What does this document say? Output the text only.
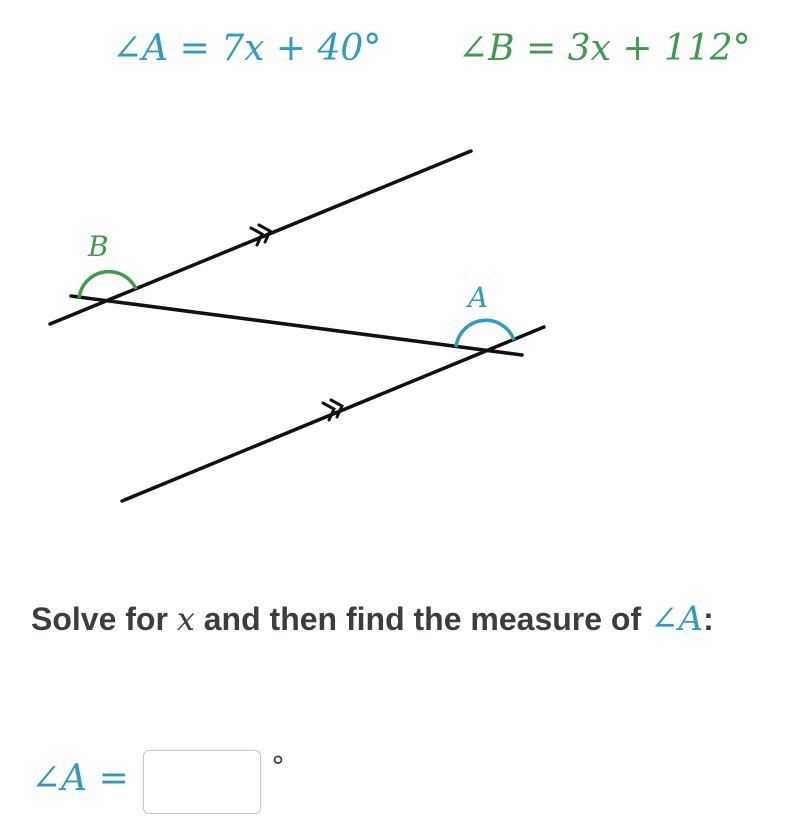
∠A = 7x + 40° ∠B = 3x + 112°
B
A
Solve for x and then find the measure of ∠A:
∠A =	°
